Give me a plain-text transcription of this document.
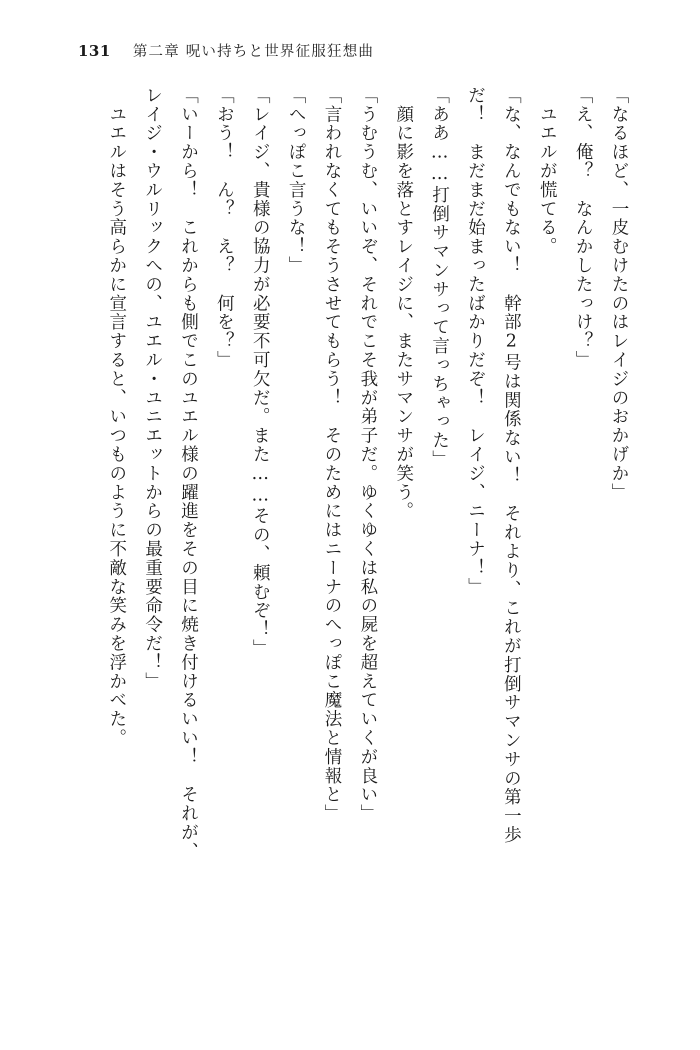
131 第二章 呪い持ちと世界征服狂想曲

「なるほど、一皮むけたのはレイジのおかげか」

「え、俺？　なんかしたっけ？」

　ユエルが慌てる。

「な、なんでもない！　幹部2号は関係ない！　それより、これが打倒サマンサの第一歩

だ！　まだまだ始まったばかりだぞ！　レイジ、ニーナ！」

「ああ……打倒サマンサって言っちゃった」

　顔に影を落とすレイジに、またサマンサが笑う。

「うむうむ、いいぞ、それでこそ我が弟子だ。ゆくゆくは私の屍を超えていくが良い」

「言われなくてもそうさせてもらう！　そのためにはニーナのへっぽこ魔法と情報と」

「へっぽこ言うな！」

「レイジ、貴様の協力が必要不可欠だ。また……その、頼むぞ！」

「おう！　ん？　え？　何を？」

「いーから！　これからも側でこのユエル様の躍進をその目に焼き付けるいい！　それが、

レイジ・ウルリックへの、ユエル・ユニエットからの最重要命令だ！」

　ユエルはそう高らかに宣言すると、いつものように不敵な笑みを浮かべた。
